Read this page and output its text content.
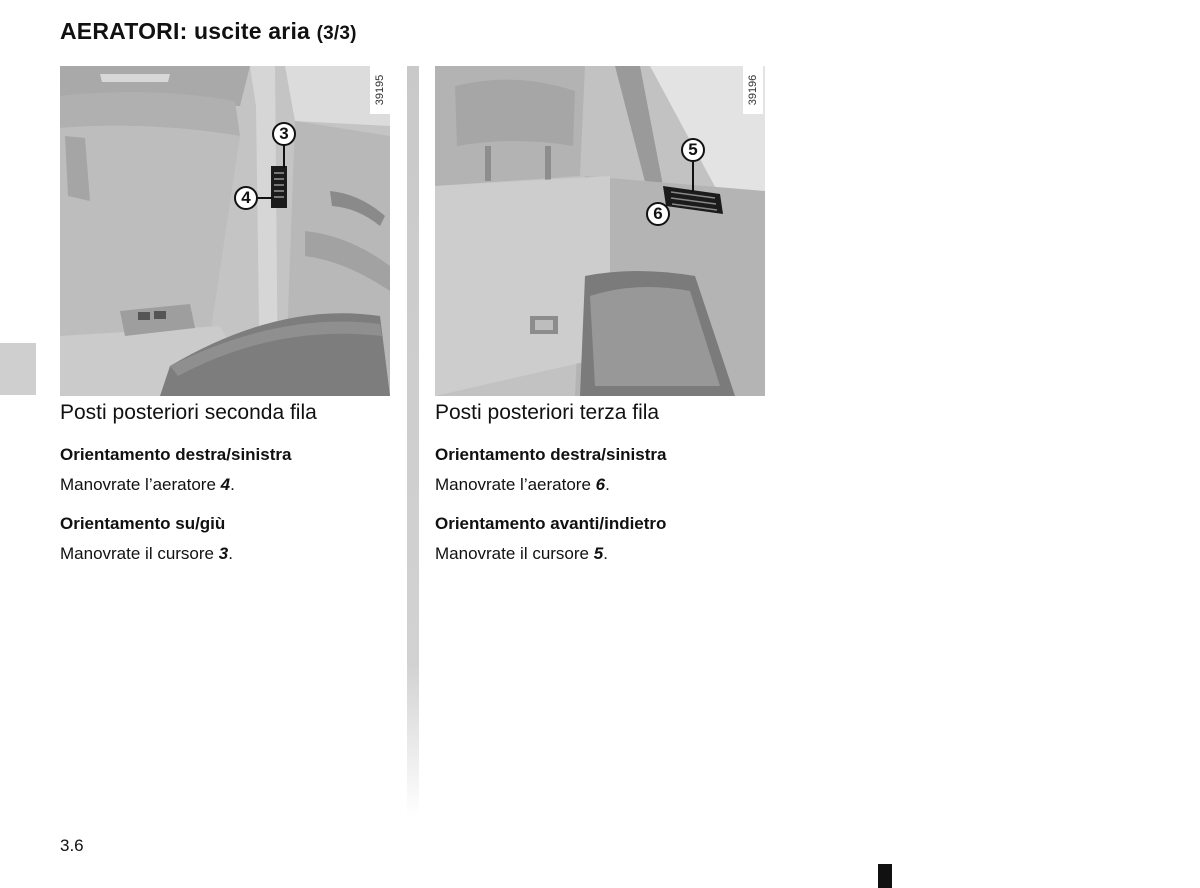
AERATORI: uscite aria (3/3)
39195
3
4
39196
5
6
Posti posteriori seconda fila
Orientamento destra/sinistra
Manovrate l’aeratore 4.
Orientamento su/giù
Manovrate il cursore 3.
Posti posteriori terza fila
Orientamento destra/sinistra
Manovrate l’aeratore 6.
Orientamento avanti/indietro
Manovrate il cursore 5.
3.6
